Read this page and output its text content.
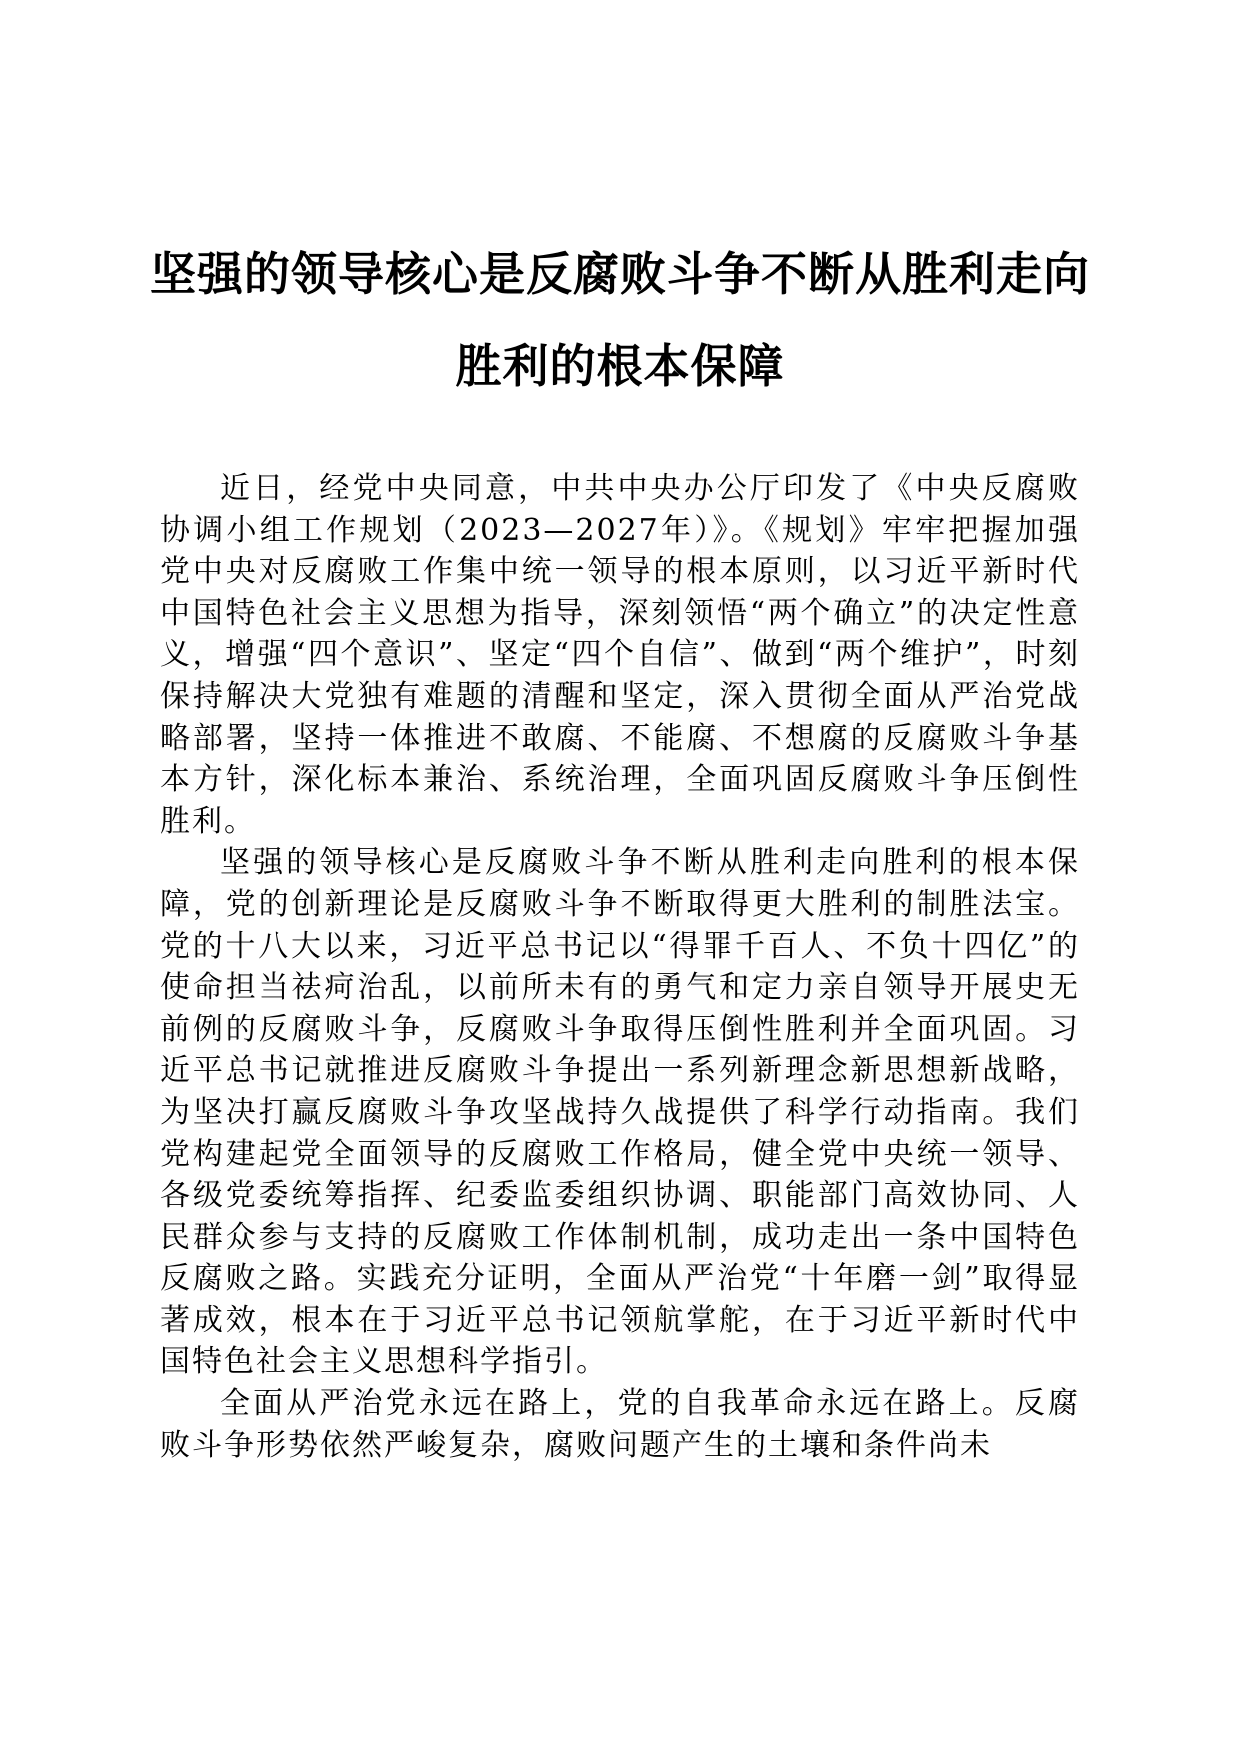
坚强的领导核心是反腐败斗争不断从胜利走向
胜利的根本保障

近日，经党中央同意，中共中央办公厅印发了《中央反腐败协调小组工作规划（2023—2027年）》。《规划》牢牢把握加强党中央对反腐败工作集中统一领导的根本原则，以习近平新时代中国特色社会主义思想为指导，深刻领悟“两个确立”的决定性意义，增强“四个意识”、坚定“四个自信”、做到“两个维护”，时刻保持解决大党独有难题的清醒和坚定，深入贯彻全面从严治党战略部署，坚持一体推进不敢腐、不能腐、不想腐的反腐败斗争基本方针，深化标本兼治、系统治理，全面巩固反腐败斗争压倒性胜利。

坚强的领导核心是反腐败斗争不断从胜利走向胜利的根本保障，党的创新理论是反腐败斗争不断取得更大胜利的制胜法宝。党的十八大以来，习近平总书记以“得罪千百人、不负十四亿”的使命担当祛疴治乱，以前所未有的勇气和定力亲自领导开展史无前例的反腐败斗争，反腐败斗争取得压倒性胜利并全面巩固。习近平总书记就推进反腐败斗争提出一系列新理念新思想新战略，为坚决打赢反腐败斗争攻坚战持久战提供了科学行动指南。我们党构建起党全面领导的反腐败工作格局，健全党中央统一领导、各级党委统筹指挥、纪委监委组织协调、职能部门高效协同、人民群众参与支持的反腐败工作体制机制，成功走出一条中国特色反腐败之路。实践充分证明，全面从严治党“十年磨一剑”取得显著成效，根本在于习近平总书记领航掌舵，在于习近平新时代中国特色社会主义思想科学指引。

全面从严治党永远在路上，党的自我革命永远在路上。反腐败斗争形势依然严峻复杂，腐败问题产生的土壤和条件尚未
